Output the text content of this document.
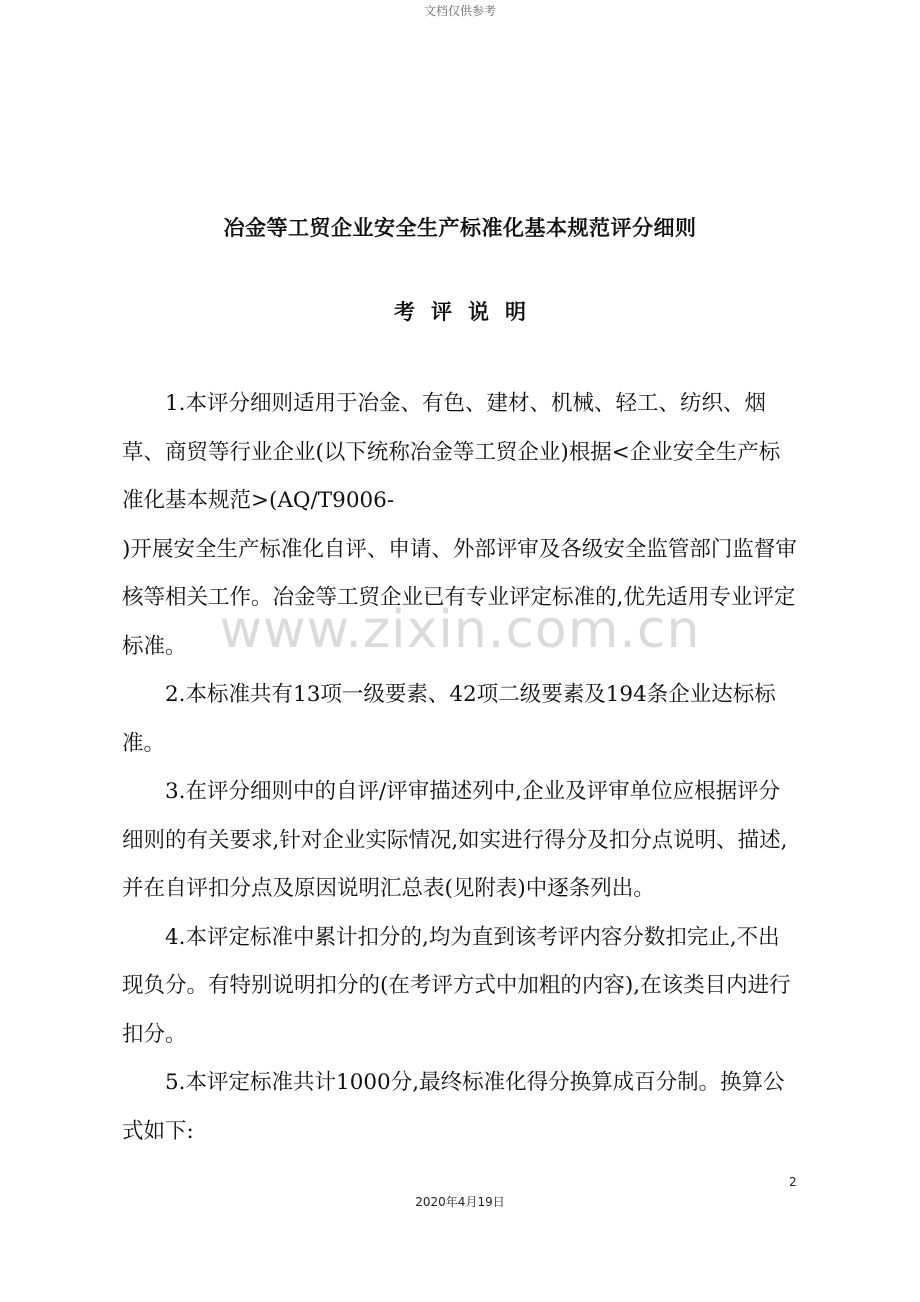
文档仅供参考
冶金等工贸企业安全生产标准化基本规范评分细则
考评说明
www.zixin.com.cn

1.本评分细则适用于冶金、有色、建材、机械、轻工、纺织、烟草、商贸等行业企业(以下统称冶金等工贸企业)根据<企业安全生产标准化基本规范>(AQ/T9006-

)开展安全生产标准化自评、申请、外部评审及各级安全监管部门监督审核等相关工作。冶金等工贸企业已有专业评定标准的,优先适用专业评定标准。

2.本标准共有13项一级要素、42项二级要素及194条企业达标标准。

3.在评分细则中的自评/评审描述列中,企业及评审单位应根据评分细则的有关要求,针对企业实际情况,如实进行得分及扣分点说明、描述,并在自评扣分点及原因说明汇总表(见附表)中逐条列出。

4.本评定标准中累计扣分的,均为直到该考评内容分数扣完止,不出现负分。有特别说明扣分的(在考评方式中加粗的内容),在该类目内进行扣分。

5.本评定标准共计1000分,最终标准化得分换算成百分制。换算公式如下:

2
2020年4月19日
